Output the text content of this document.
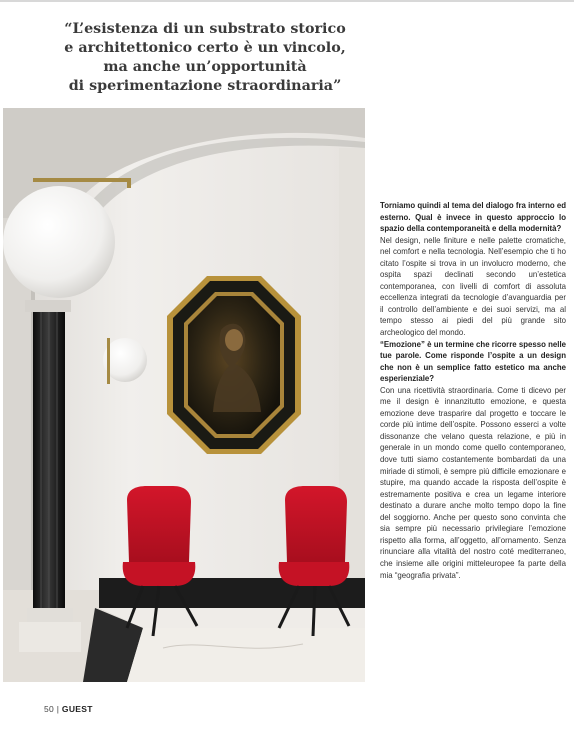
“L’esistenza di un substrato storico
e architettonico certo è un vincolo,
ma anche un’opportunità
di sperimentazione straordinaria”

Torniamo quindi al tema del dialogo fra interno ed esterno. Qual è invece in questo approccio lo spazio della contemporaneità e della modernità?

Nel design, nelle finiture e nelle palette cromatiche, nel comfort e nella tecnologia. Nell’esempio che ti ho citato l’ospite si trova in un involucro moderno, che ospita spazi declinati secondo un’estetica contemporanea, con livelli di comfort di assoluta eccellenza integrati da tecnologie d’avanguardia per il controllo dell’ambiente e dei suoi servizi, ma al tempo stesso ai piedi del più grande sito archeologico del mondo.

“Emozione” è un termine che ricorre spesso nelle tue parole. Come risponde l’ospite a un design che non è un semplice fatto estetico ma anche esperienziale?

Con una ricettività straordinaria. Come ti dicevo per me il design è innanzitutto emozione, e questa emozione deve trasparire dal progetto e toccare le corde più intime dell’ospite. Possono esserci a volte dissonanze che velano questa relazione, e più in generale in un mondo come quello contemporaneo, dove tutti siamo costantemente bombardati da una miriade di stimoli, è sempre più difficile emozionare e stupire, ma quando accade la risposta dell’ospite è estremamente positiva e crea un legame interiore destinato a durare anche molto tempo dopo la fine del soggiorno. Anche per questo sono convinta che sia sempre più necessario privilegiare l’emozione rispetto alla forma, all’oggetto, all’ornamento. Senza rinunciare alla vitalità del nostro coté mediterraneo, che insieme alle origini mitteleuropee fa parte della mia “geografia privata”.

50 | GUEST
